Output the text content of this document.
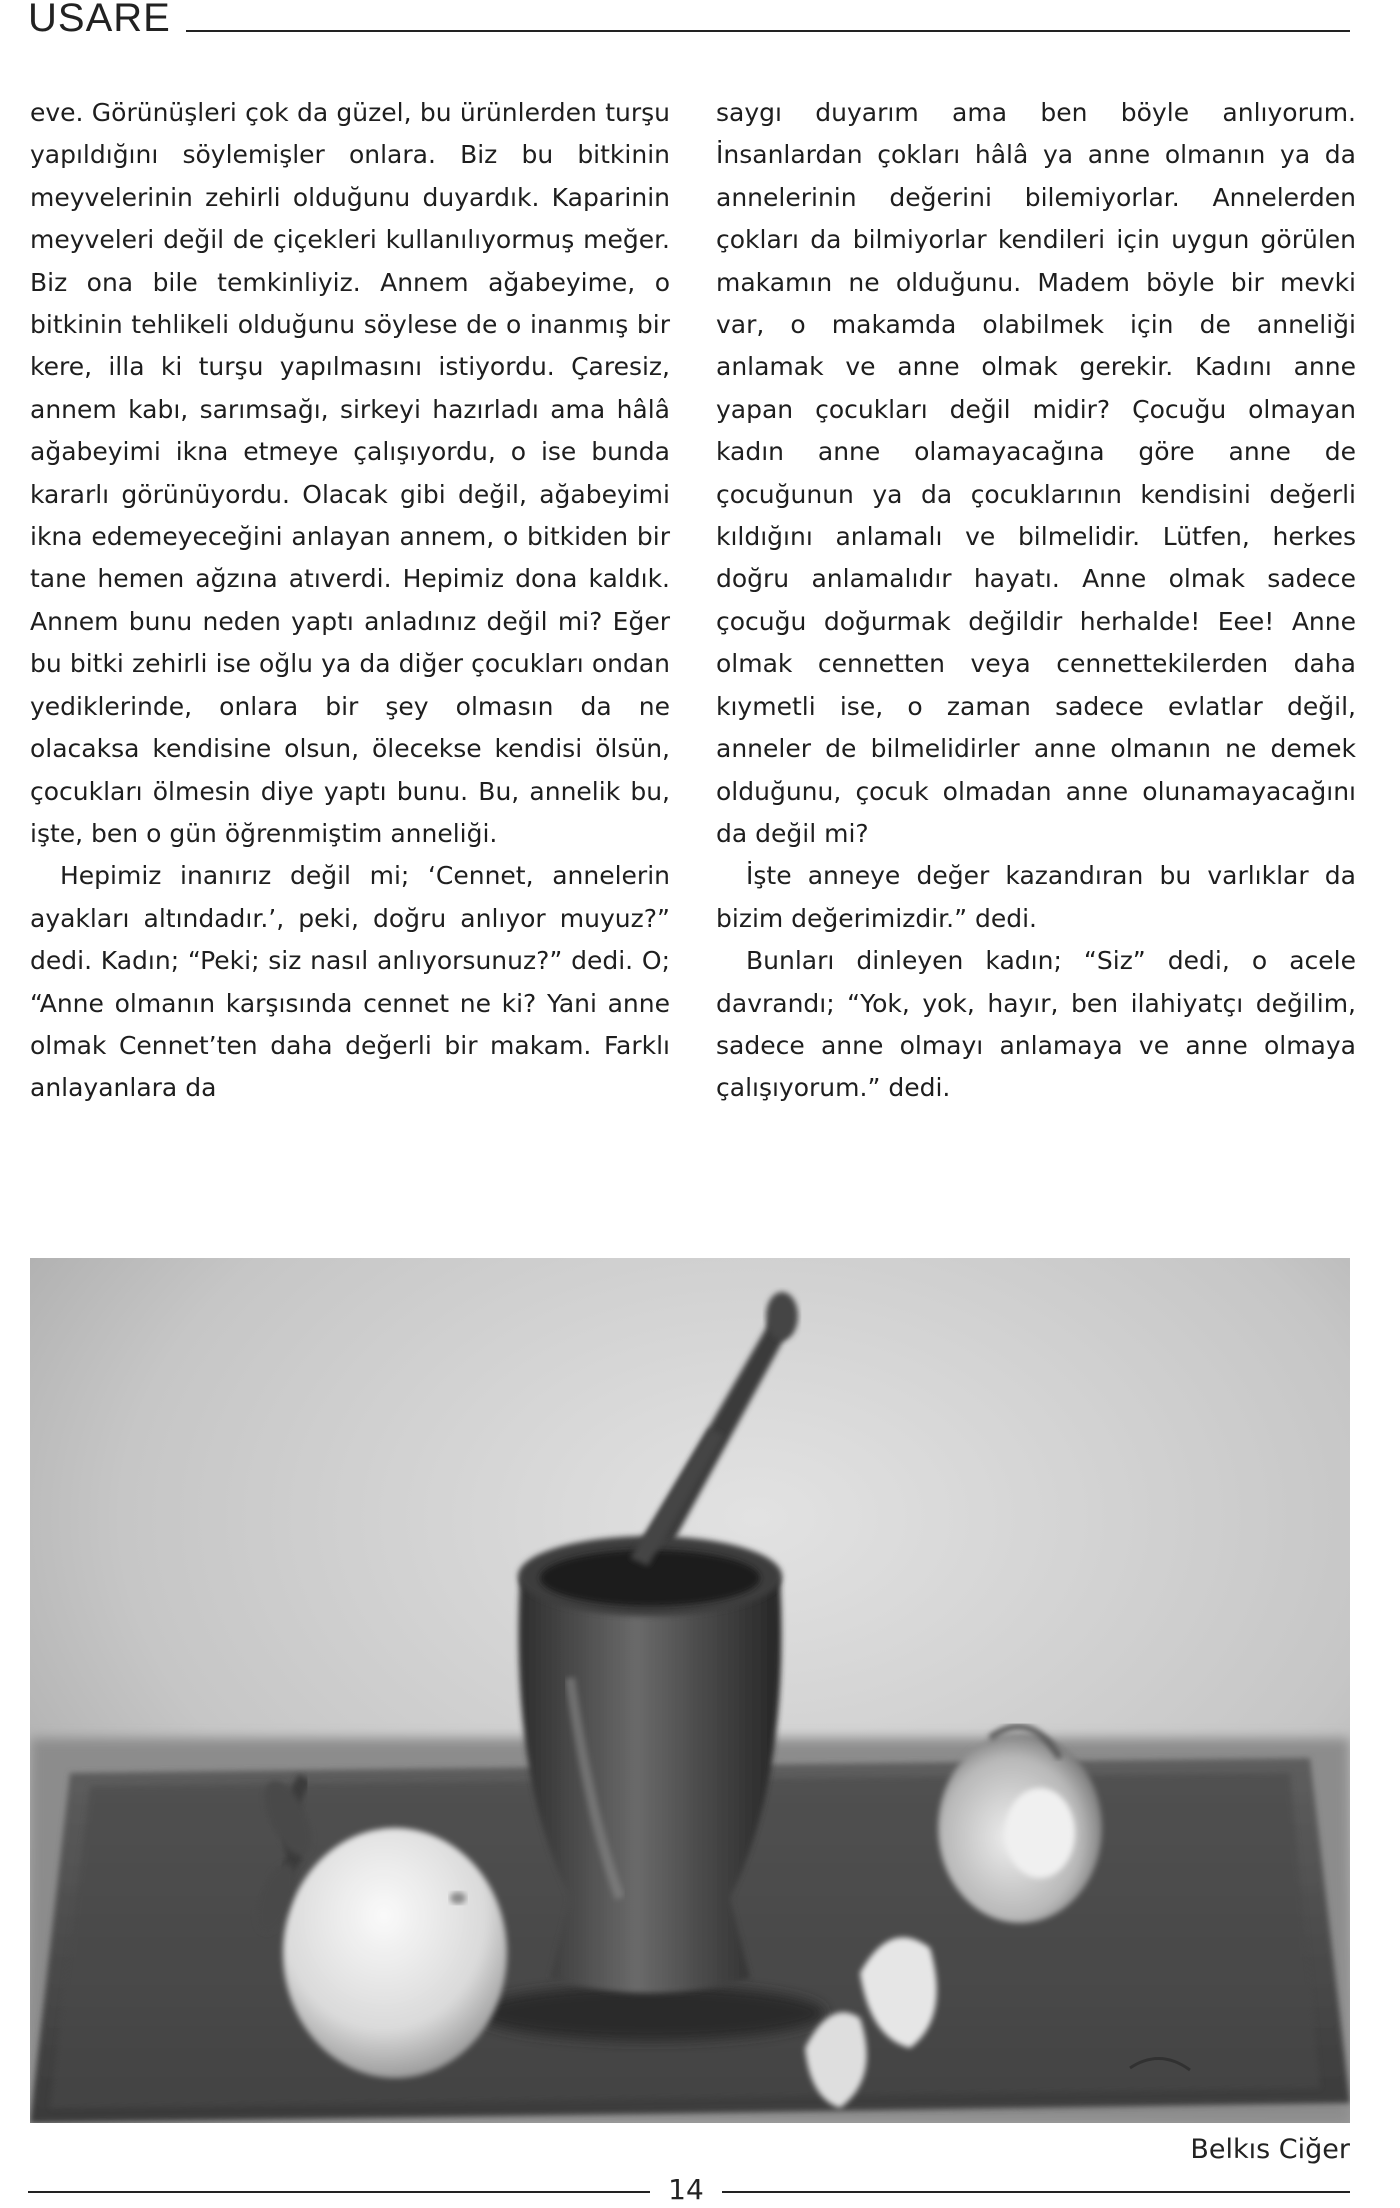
USARE

eve. Görünüşleri çok da güzel, bu ürünlerden turşu yapıldığını söylemişler onlara. Biz bu bitkinin meyvelerinin zehirli olduğunu duyardık. Kaparinin meyveleri değil de çiçekleri kullanılıyormuş meğer. Biz ona bile temkinliyiz. Annem ağabeyime, o bitkinin tehlikeli olduğunu söylese de o inanmış bir kere, illa ki turşu yapılmasını istiyordu. Çaresiz, annem kabı, sarımsağı, sirkeyi hazırladı ama hâlâ ağabeyimi ikna etmeye çalışıyordu, o ise bunda kararlı görünüyordu. Olacak gibi değil, ağabeyimi ikna edemeyeceğini anlayan annem, o bitkiden bir tane hemen ağzına atıverdi. Hepimiz dona kaldık. Annem bunu neden yaptı anladınız değil mi? Eğer bu bitki zehirli ise oğlu ya da diğer çocukları ondan yediklerinde, onlara bir şey olmasın da ne olacaksa kendisine olsun, ölecekse kendisi ölsün, çocukları ölmesin diye yaptı bunu. Bu, annelik bu, işte, ben o gün öğrenmiştim anneliği.

Hepimiz inanırız değil mi; ‘Cennet, annelerin ayakları altındadır.’, peki, doğru anlıyor muyuz?” dedi. Kadın; “Peki; siz nasıl anlıyorsunuz?” dedi. O; “Anne olmanın karşısında cennet ne ki? Yani anne olmak Cennet’ten daha değerli bir makam. Farklı anlayanlara da

saygı duyarım ama ben böyle anlıyorum. İnsanlardan çokları hâlâ ya anne olmanın ya da annelerinin değerini bilemiyorlar. Annelerden çokları da bilmiyorlar kendileri için uygun görülen makamın ne olduğunu. Madem böyle bir mevki var, o makamda olabilmek için de anneliği anlamak ve anne olmak gerekir. Kadını anne yapan çocukları değil midir? Çocuğu olmayan kadın anne olamayacağına göre anne de çocuğunun ya da çocuklarının kendisini değerli kıldığını anlamalı ve bilmelidir. Lütfen, herkes doğru anlamalıdır hayatı. Anne olmak sadece çocuğu doğurmak değildir herhalde! Eee! Anne olmak cennetten veya cennettekilerden daha kıymetli ise, o zaman sadece evlatlar değil, anneler de bilmelidirler anne olmanın ne demek olduğunu, çocuk olmadan anne olunamayacağını da değil mi?

İşte anneye değer kazandıran bu varlıklar da bizim değerimizdir.” dedi.

Bunları dinleyen kadın; “Siz” dedi, o acele davrandı; “Yok, yok, hayır, ben ilahiyatçı değilim, sadece anne olmayı anlamaya ve anne olmaya çalışıyorum.” dedi.

Belkıs Ciğer
14
